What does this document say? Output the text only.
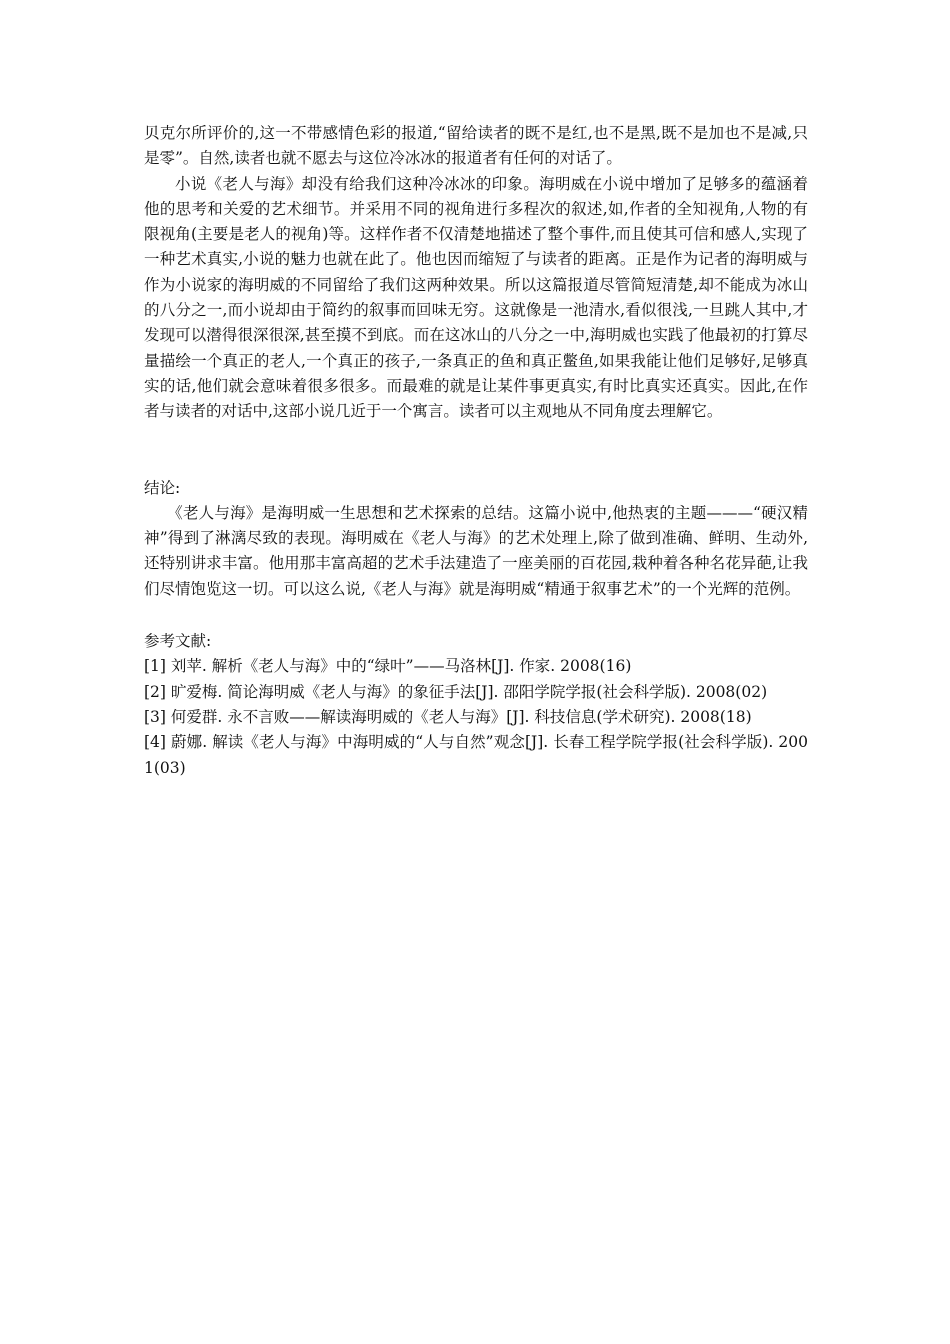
贝克尔所评价的,这一不带感情色彩的报道,“留给读者的既不是红,也不是黑,既不是加也不是减,只是零”。自然,读者也就不愿去与这位冷冰冰的报道者有任何的对话了。

小说《老人与海》却没有给我们这种冷冰冰的印象。海明威在小说中增加了足够多的蕴涵着他的思考和关爱的艺术细节。并采用不同的视角进行多程次的叙述,如,作者的全知视角,人物的有限视角(主要是老人的视角)等。这样作者不仅清楚地描述了整个事件,而且使其可信和感人,实现了一种艺术真实,小说的魅力也就在此了。他也因而缩短了与读者的距离。正是作为记者的海明威与作为小说家的海明威的不同留给了我们这两种效果。所以这篇报道尽管简短清楚,却不能成为冰山的八分之一,而小说却由于简约的叙事而回味无穷。这就像是一池清水,看似很浅,一旦跳人其中,才发现可以潜得很深很深,甚至摸不到底。而在这冰山的八分之一中,海明威也实践了他最初的打算尽量描绘一个真正的老人,一个真正的孩子,一条真正的鱼和真正鳖鱼,如果我能让他们足够好,足够真实的话,他们就会意味着很多很多。而最难的就是让某件事更真实,有时比真实还真实。因此,在作者与读者的对话中,这部小说几近于一个寓言。读者可以主观地从不同角度去理解它。

结论:

《老人与海》是海明威一生思想和艺术探索的总结。这篇小说中,他热衷的主题———“硬汉精神”得到了淋漓尽致的表现。海明威在《老人与海》的艺术处理上,除了做到准确、鲜明、生动外,还特别讲求丰富。他用那丰富高超的艺术手法建造了一座美丽的百花园,栽种着各种名花异葩,让我们尽情饱览这一切。可以这么说,《老人与海》就是海明威“精通于叙事艺术”的一个光辉的范例。

参考文献:

[1] 刘苹. 解析《老人与海》中的“绿叶”——马洛林[J]. 作家. 2008(16)

[2] 旷爱梅. 简论海明威《老人与海》的象征手法[J]. 邵阳学院学报(社会科学版). 2008(02)

[3] 何爱群. 永不言败——解读海明威的《老人与海》[J]. 科技信息(学术研究). 2008(18)

[4] 蔚娜. 解读《老人与海》中海明威的“人与自然”观念[J]. 长春工程学院学报(社会科学版). 2001(03)
